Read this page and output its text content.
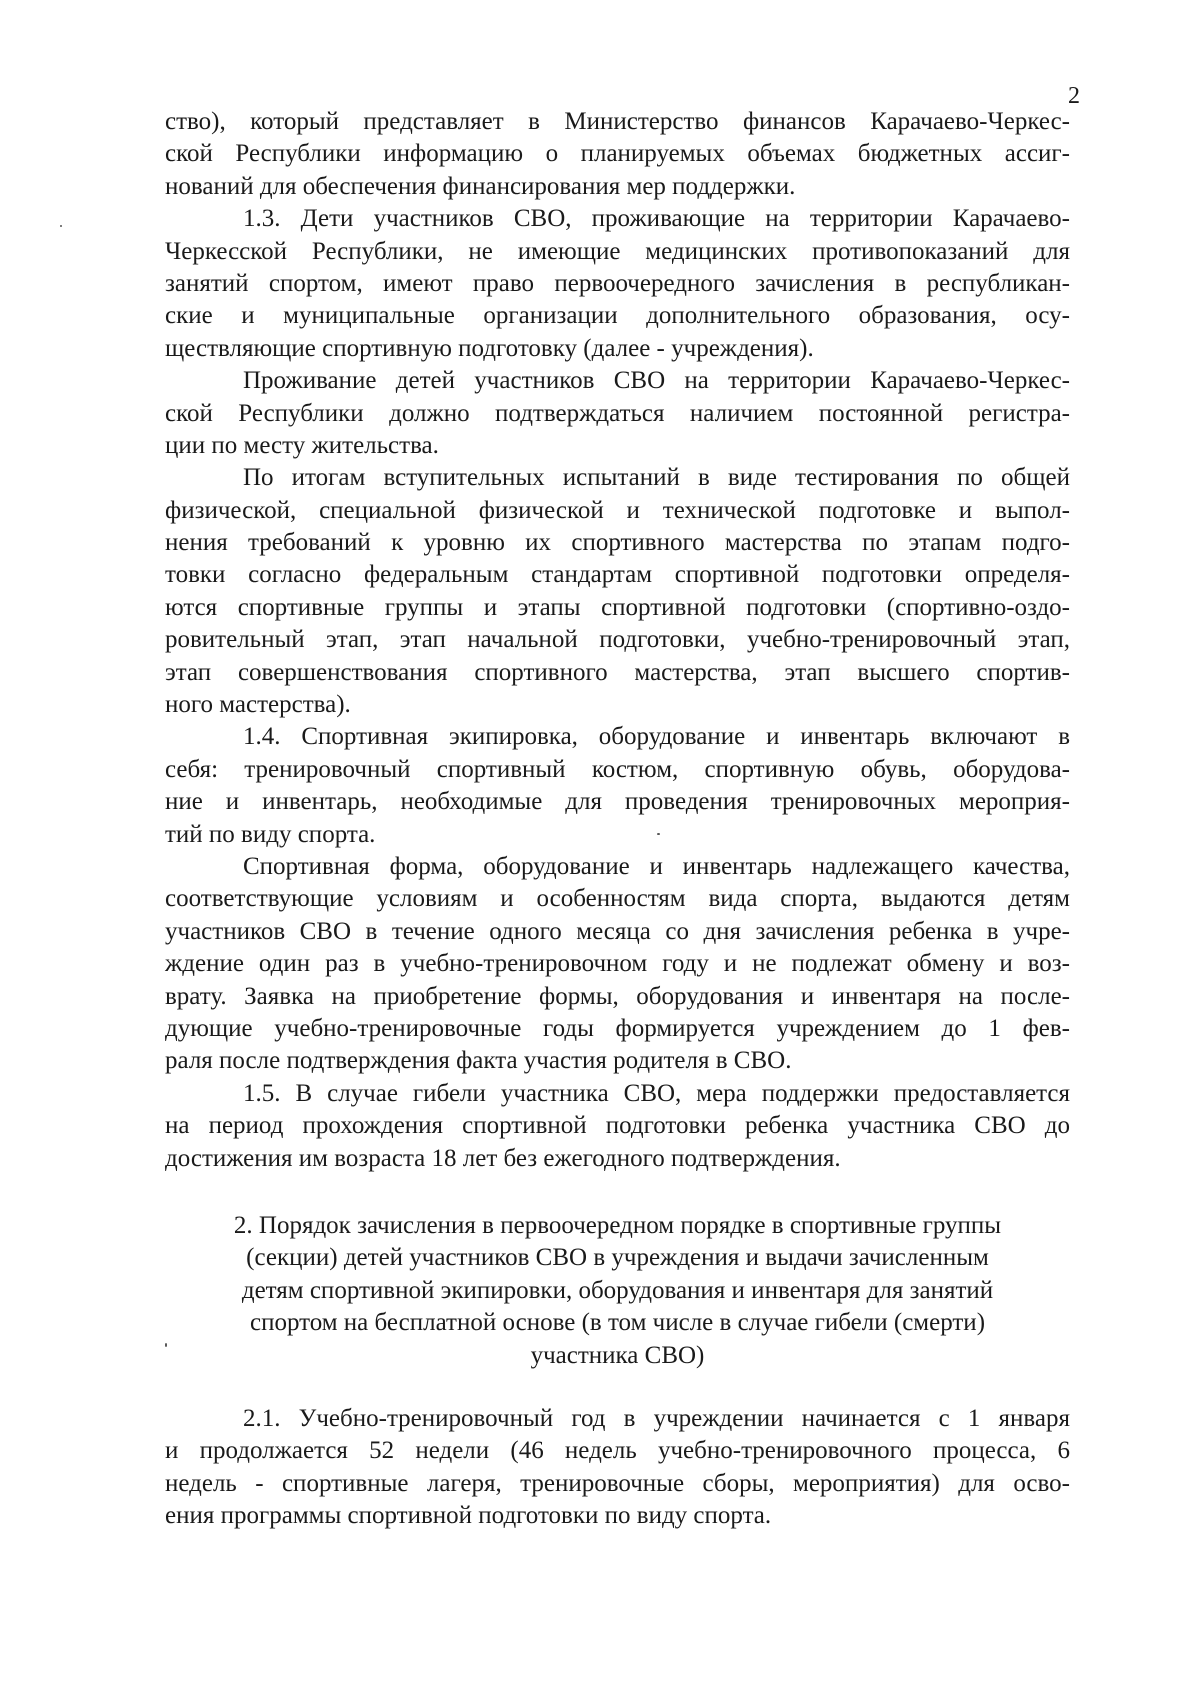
2
ство), который представляет в Министерство финансов Карачаево-Черкес-
ской Республики информацию о планируемых объемах бюджетных ассиг-
нований для обеспечения финансирования мер поддержки.
1.3. Дети участников СВО, проживающие на территории Карачаево-
Черкесской Республики, не имеющие медицинских противопоказаний для
занятий спортом, имеют право первоочередного зачисления в республикан-
ские и муниципальные организации дополнительного образования, осу-
ществляющие спортивную подготовку (далее - учреждения).
Проживание детей участников СВО на территории Карачаево-Черкес-
ской Республики должно подтверждаться наличием постоянной регистра-
ции по месту жительства.
По итогам вступительных испытаний в виде тестирования по общей
физической, специальной физической и технической подготовке и выпол-
нения требований к уровню их спортивного мастерства по этапам подго-
товки согласно федеральным стандартам спортивной подготовки определя-
ются спортивные группы и этапы спортивной подготовки (спортивно-оздо-
ровительный этап, этап начальной подготовки, учебно-тренировочный этап,
этап совершенствования спортивного мастерства, этап высшего спортив-
ного мастерства).
1.4. Спортивная экипировка, оборудование и инвентарь включают в
себя: тренировочный спортивный костюм, спортивную обувь, оборудова-
ние и инвентарь, необходимые для проведения тренировочных мероприя-
тий по виду спорта.
Спортивная форма, оборудование и инвентарь надлежащего качества,
соответствующие условиям и особенностям вида спорта, выдаются детям
участников СВО в течение одного месяца со дня зачисления ребенка в учре-
ждение один раз в учебно-тренировочном году и не подлежат обмену и воз-
врату. Заявка на приобретение формы, оборудования и инвентаря на после-
дующие учебно-тренировочные годы формируется учреждением до 1 фев-
раля после подтверждения факта участия родителя в СВО.
1.5. В случае гибели участника СВО, мера поддержки предоставляется
на период прохождения спортивной подготовки ребенка участника СВО до
достижения им возраста 18 лет без ежегодного подтверждения.
2. Порядок зачисления в первоочередном порядке в спортивные группы
(секции) детей участников СВО в учреждения и выдачи зачисленным
детям спортивной экипировки, оборудования и инвентаря для занятий
спортом на бесплатной основе (в том числе в случае гибели (смерти)
участника СВО)
2.1. Учебно-тренировочный год в учреждении начинается с 1 января
и продолжается 52 недели (46 недель учебно-тренировочного процесса, 6
недель - спортивные лагеря, тренировочные сборы, мероприятия) для осво-
ения программы спортивной подготовки по виду спорта.
